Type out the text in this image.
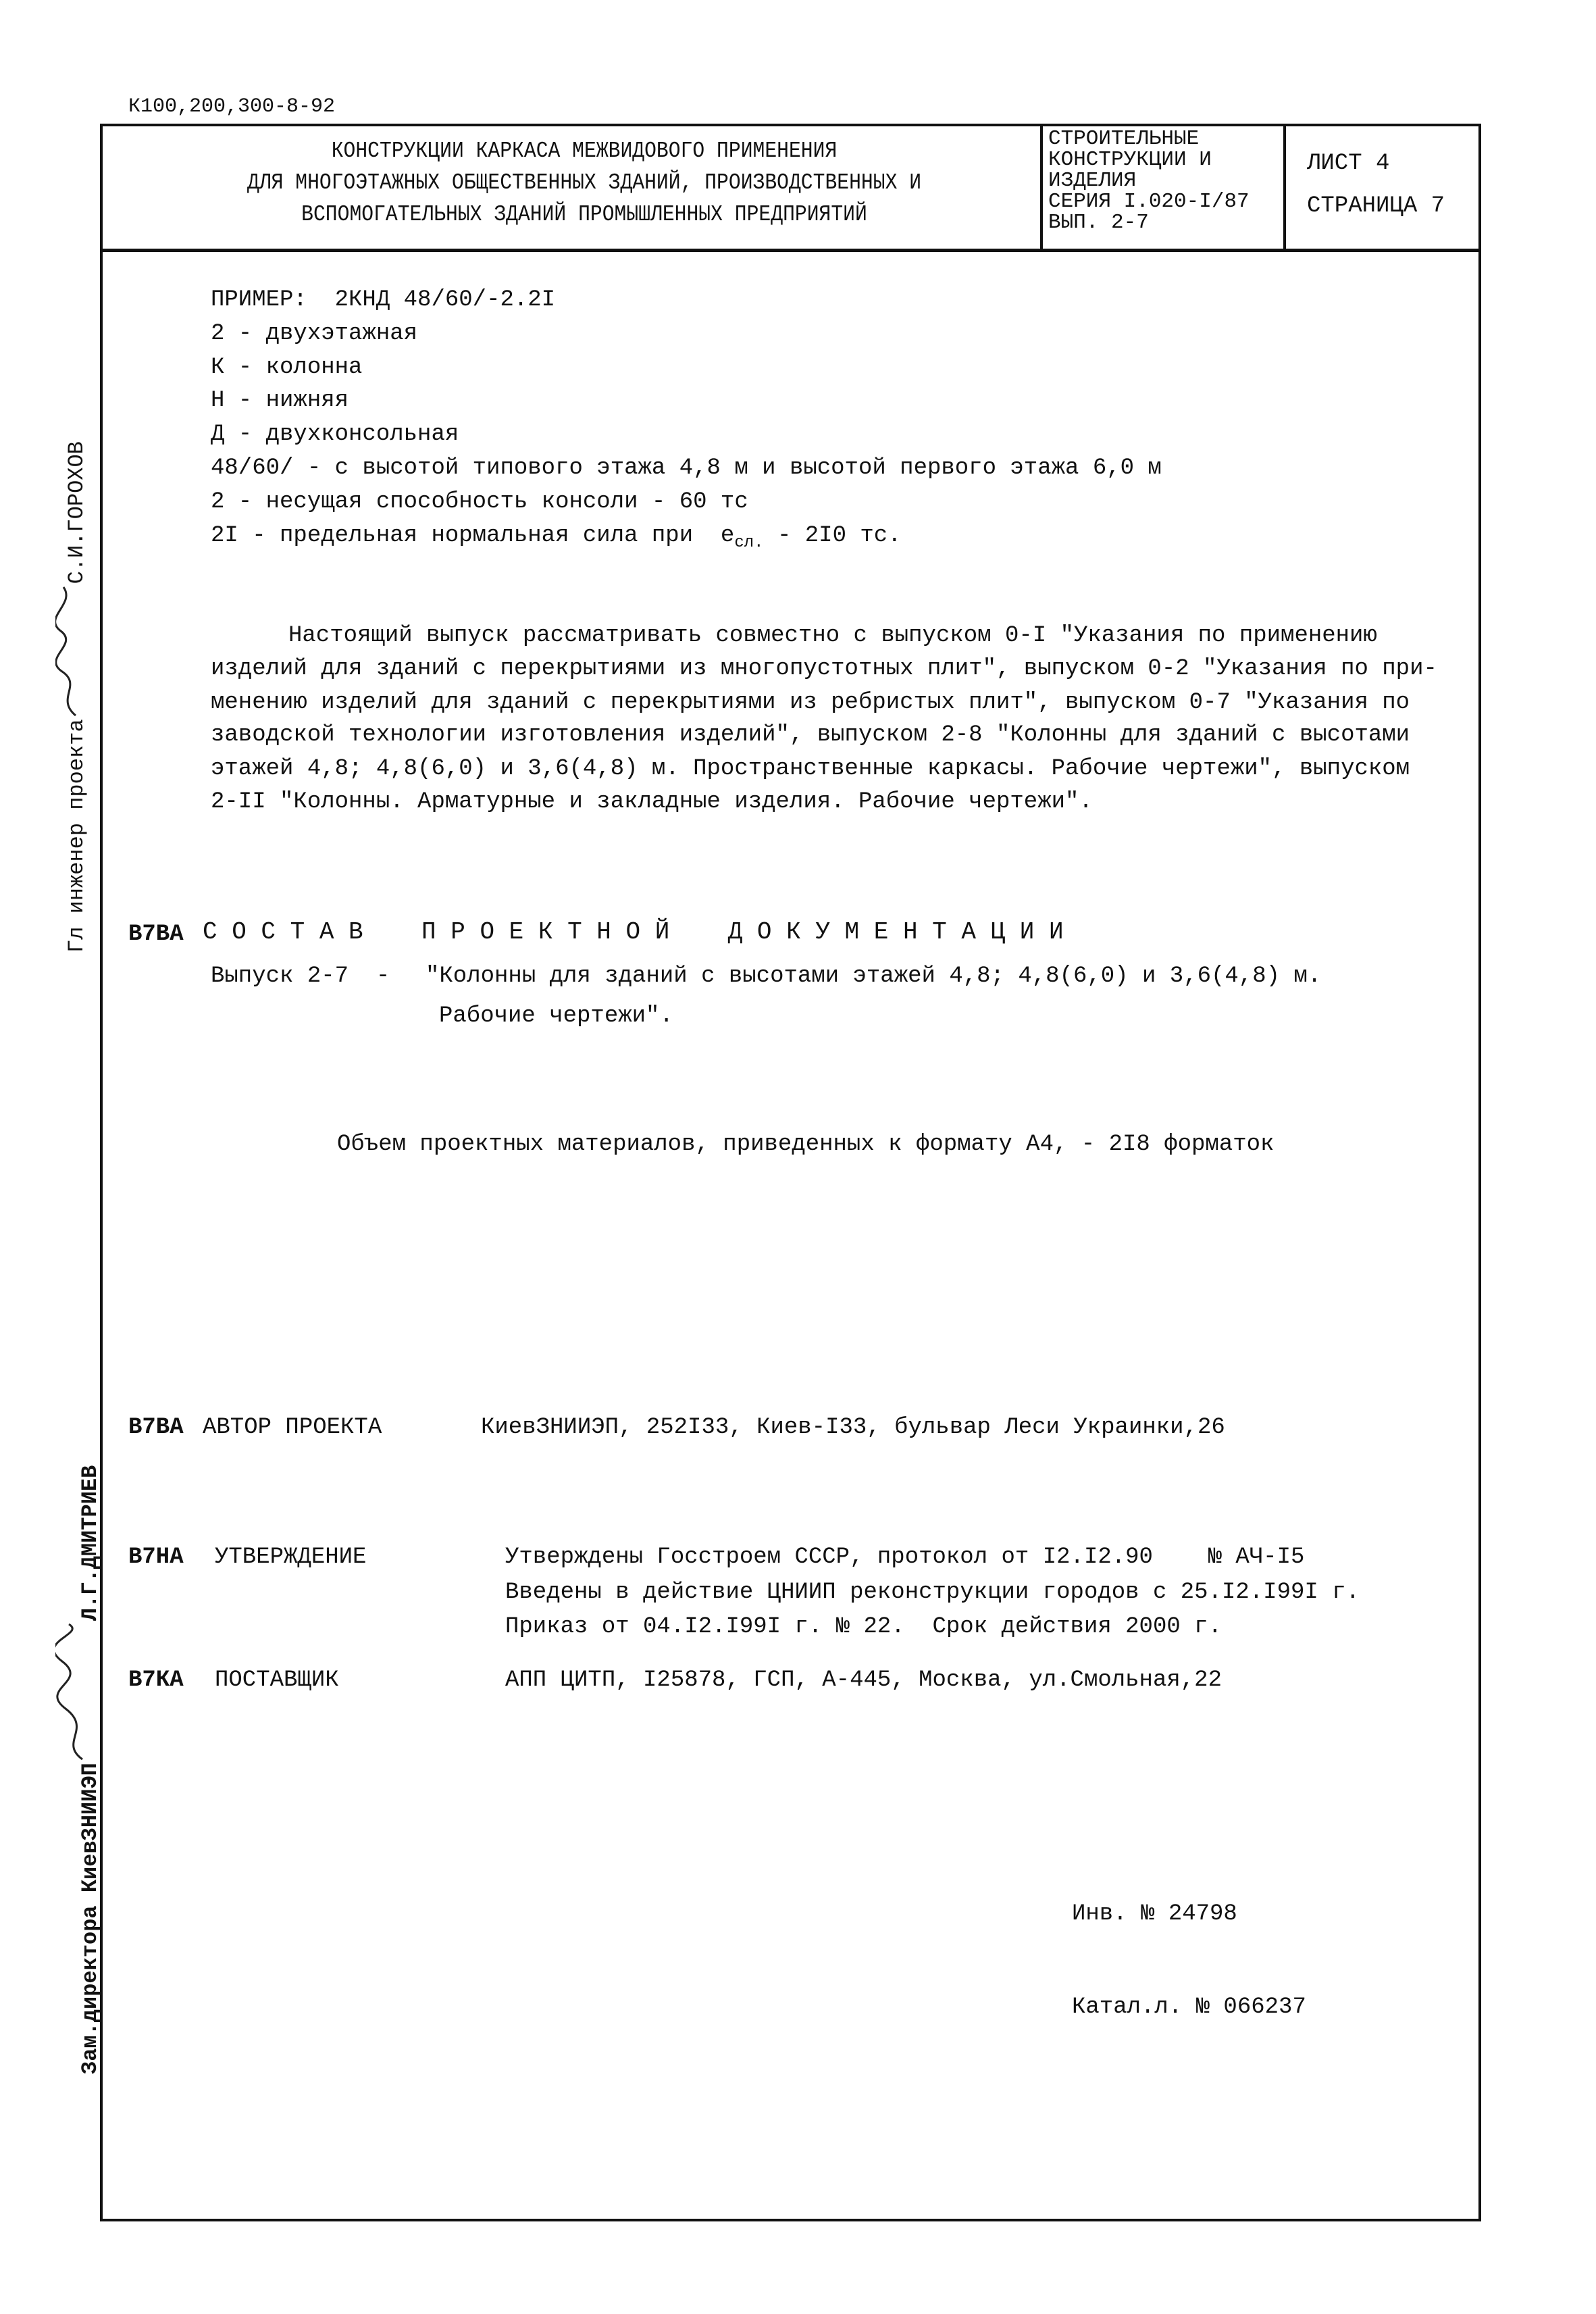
К100,200,300-8-92
КОНСТРУКЦИИ КАРКАСА МЕЖВИДОВОГО ПРИМЕНЕНИЯ
ДЛЯ МНОГОЭТАЖНЫХ ОБЩЕСТВЕННЫХ ЗДАНИЙ, ПРОИЗВОДСТВЕННЫХ И
ВСПОМОГАТЕЛЬНЫХ ЗДАНИЙ ПРОМЫШЛЕННЫХ ПРЕДПРИЯТИЙ
СТРОИТЕЛЬНЫЕ
КОНСТРУКЦИИ И
ИЗДЕЛИЯ
СЕРИЯ I.020-I/87
ВЫП. 2-7
ЛИСТ 4
СТРАНИЦА 7
ПРИМЕР:  2КНД 48/60/-2.2I
2 - двухэтажная
К - колонна
Н - нижняя
Д - двухконсольная
48/60/ - с высотой типового этажа 4,8 м и высотой первого этажа 6,0 м
2 - несущая способность консоли - 60 тс
2I - предельная нормальная сила при  $e_{сл.} - 2I0$ тс.
Настоящий выпуск рассматривать совместно с выпуском 0-I "Указания по применению
изделий для зданий с перекрытиями из многопустотных плит", выпуском 0-2 "Указания по при-
менению изделий для зданий с перекрытиями из ребристых плит", выпуском 0-7 "Указания по
заводской технологии изготовления изделий", выпуском 2-8 "Колонны для зданий с высотами
этажей 4,8; 4,8(6,0) и 3,6(4,8) м. Пространственные каркасы. Рабочие чертежи", выпуском
2-II "Колонны. Арматурные и закладные изделия. Рабочие чертежи".
В7ВА С О С Т А В    П Р О Е К Т Н О Й    Д О К У М Е Н Т А Ц И И
Выпуск 2-7  - "Колонны для зданий с высотами этажей 4,8; 4,8(6,0) и 3,6(4,8) м.
Рабочие чертежи".
Объем проектных материалов, приведенных к формату А4, - 2I8 форматок
В7ВА АВТОР ПРОЕКТА	КиевЗНИИЭП, 252I33, Киев-I33, бульвар Леси Украинки,26
В7НА УТВЕРЖДЕНИЕ	Утверждены Госстроем СССР, протокол от I2.I2.90    № АЧ-I5
Введены в действие ЦНИИП реконструкции городов с 25.I2.I99I г.
Приказ от 04.I2.I99I г. № 22.  Срок действия 2000 г.
В7КА ПОСТАВЩИК	АПП ЦИТП, I25878, ГСП, А-445, Москва, ул.Смольная,22
Инв. № 24798
Катал.л. № 066237
Гл инженер проектаС.И.ГОРОХОВ
Зам.директора КиевЗНИИЭПЛ.Г.ДМИТРИЕВ
